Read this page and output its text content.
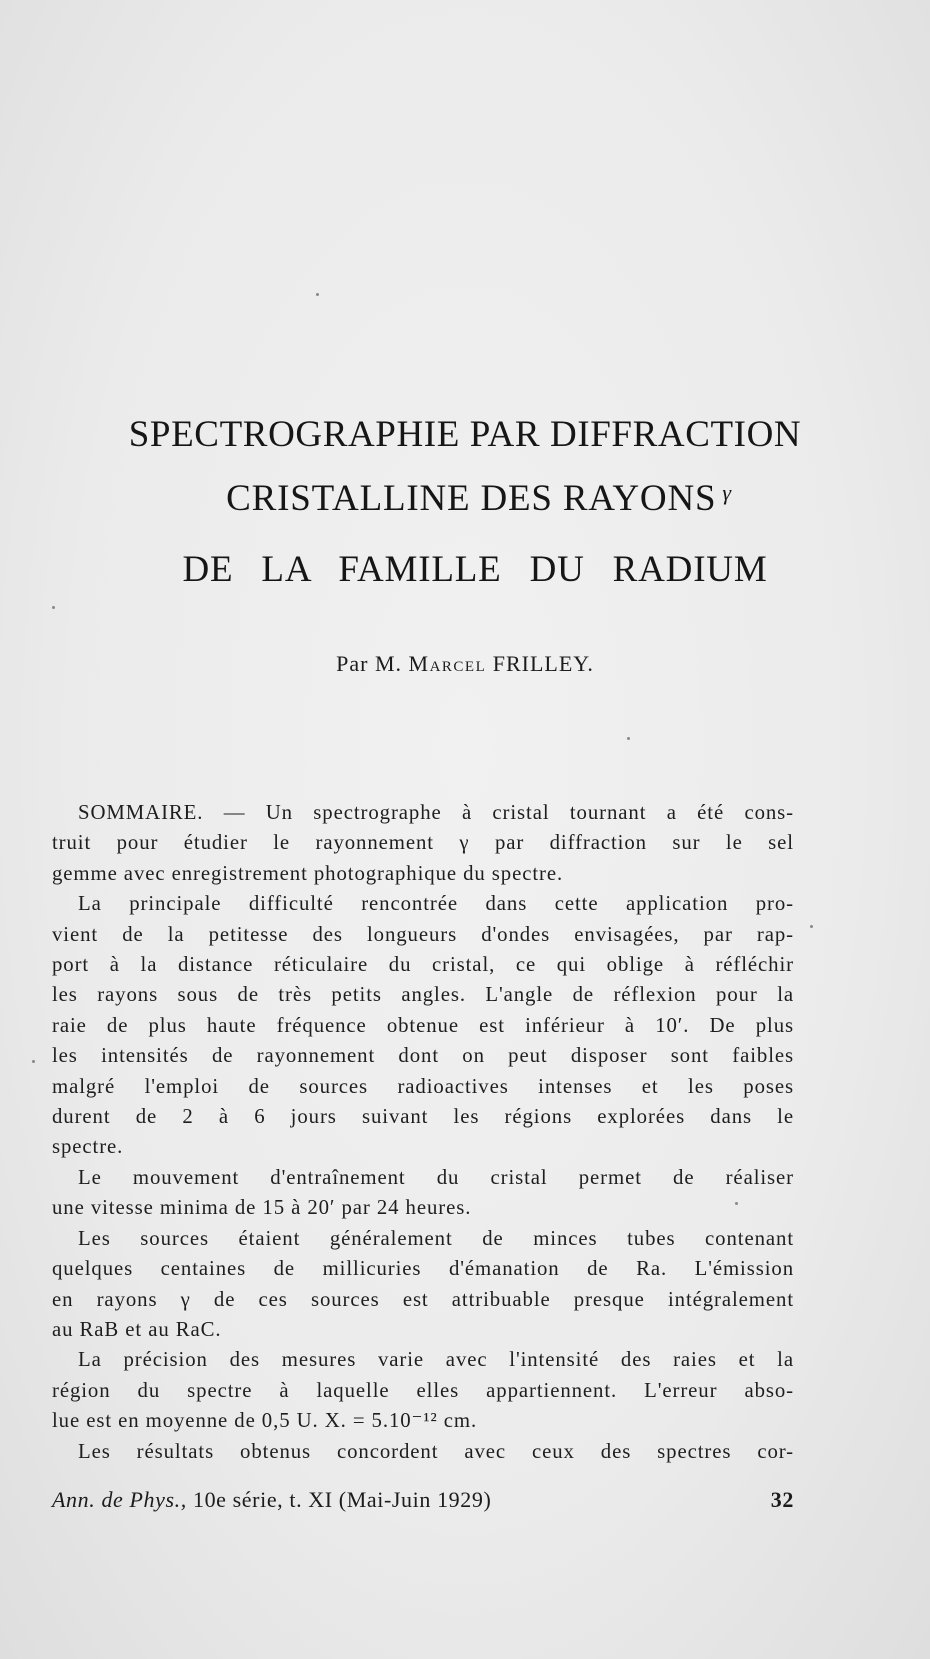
SPECTROGRAPHIE PAR DIFFRACTION
CRISTALLINE DES RAYONS $^\gamma$
DE LA FAMILLE DU RADIUM
Par M. Marcel FRILLEY.
SOMMAIRE. — Un spectrographe à cristal tournant a été cons-
truit pour étudier le rayonnement γ par diffraction sur le sel
gemme avec enregistrement photographique du spectre.
La principale difficulté rencontrée dans cette application pro-
vient de la petitesse des longueurs d'ondes envisagées, par rap-
port à la distance réticulaire du cristal, ce qui oblige à réfléchir
les rayons sous de très petits angles. L'angle de réflexion pour la
raie de plus haute fréquence obtenue est inférieur à 10′. De plus
les intensités de rayonnement dont on peut disposer sont faibles
malgré l'emploi de sources radioactives intenses et les poses
durent de 2 à 6 jours suivant les régions explorées dans le
spectre.
Le mouvement d'entraînement du cristal permet de réaliser
une vitesse minima de 15 à 20′ par 24 heures.
Les sources étaient généralement de minces tubes contenant
quelques centaines de millicuries d'émanation de Ra. L'émission
en rayons γ de ces sources est attribuable presque intégralement
au RaB et au RaC.
La précision des mesures varie avec l'intensité des raies et la
région du spectre à laquelle elles appartiennent. L'erreur abso-
lue est en moyenne de 0,5 U. X. = 5.10⁻¹² cm.
Les résultats obtenus concordent avec ceux des spectres cor-
Ann. de Phys., 10e série, t. XI (Mai-Juin 1929)	32
